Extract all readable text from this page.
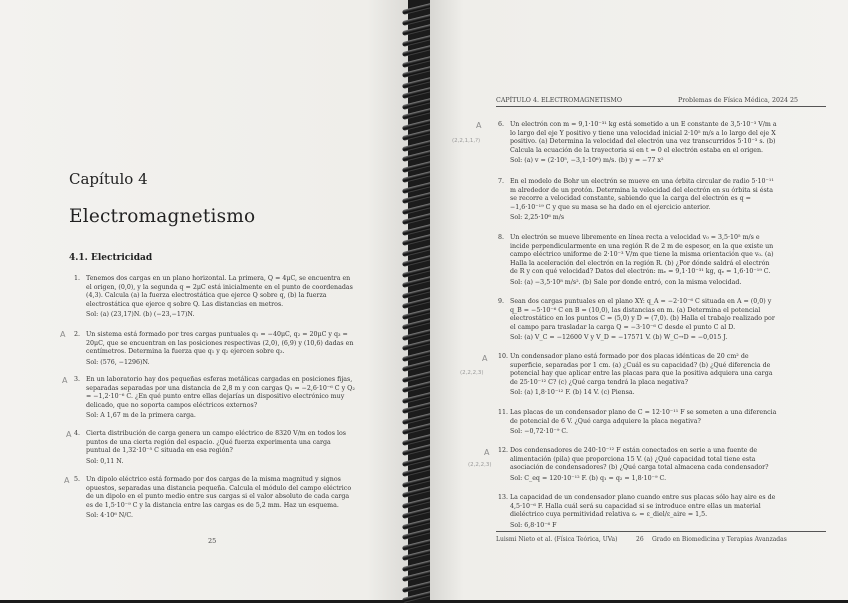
Capítulo 4
Electromagnetismo
4.1. Electricidad
1. Tenemos dos cargas en un plano horizontal. La primera, Q = 4μC, se encuentra en el origen, (0,0), y la segunda q = 2μC está inicialmente en el punto de coordenadas (4,3). Calcula (a) la fuerza electrostática que ejerce Q sobre q, (b) la fuerza electrostática que ejerce q sobre Q. Las distancias en metros.
Sol: (a) (23,17)N. (b) (−23,−17)N.
2. Un sistema está formado por tres cargas puntuales q₁ = −40μC, q₂ = 20μC y q₃ = 20μC, que se encuentran en las posiciones respectivas (2,0), (6,9) y (10,6) dadas en centímetros. Determina la fuerza que q₁ y q₂ ejercen sobre q₃.
Sol: (576, −1296)N.
3. En un laboratorio hay dos pequeñas esferas metálicas cargadas en posiciones fijas, separadas separadas por una distancia de 2,8 m y con cargas Q₁ = −2,6·10⁻⁶ C y Q₂ = −1,2·10⁻⁶ C. ¿En qué punto entre ellas dejarías un dispositivo electrónico muy delicado, que no soporta campos eléctricos externos?
Sol: A 1,67 m de la primera carga.
4. Cierta distribución de carga genera un campo eléctrico de 8320 V/m en todos los puntos de una cierta región del espacio. ¿Qué fuerza experimenta una carga puntual de 1,32·10⁻⁵ C situada en esa región?
Sol: 0,11 N.
5. Un dipolo eléctrico está formado por dos cargas de la misma magnitud y signos opuestos, separadas una distancia pequeña. Calcula el módulo del campo eléctrico de un dipolo en el punto medio entre sus cargas si el valor absoluto de cada carga es de 1,5·10⁻⁹ C y la distancia entre las cargas es de 5,2 mm. Haz un esquema.
Sol: 4·10⁶ N/C.
25
A
A
A
A
CAPÍTULO 4. ELECTROMAGNETISMO	Problemas de Física Médica, 2024 25
6. Un electrón con m = 9,1·10⁻³¹ kg está sometido a un E constante de 3,5·10⁻³ V/m a lo largo del eje Y positivo y tiene una velocidad inicial 2·10⁵ m/s a lo largo del eje X positivo. (a) Determina la velocidad del electrón una vez transcurridos 5·10⁻³ s. (b) Calcula la ecuación de la trayectoria si en t = 0 el electrón estaba en el origen.
Sol: (a) v = (2·10⁵, −3,1·10⁶) m/s. (b) y = −77 x²
7. En el modelo de Bohr un electrón se mueve en una órbita circular de radio 5·10⁻¹¹ m alrededor de un protón. Determina la velocidad del electrón en su órbita si ésta se recorre a velocidad constante, sabiendo que la carga del electrón es q = −1,6·10⁻¹⁹ C y que su masa se ha dado en el ejercicio anterior.
Sol: 2,25·10⁶ m/s
8. Un electrón se mueve libremente en línea recta a velocidad v₀ = 3,5·10⁵ m/s e incide perpendicularmente en una región R de 2 m de espesor, en la que existe un campo eléctrico uniforme de 2·10⁻³ V/m que tiene la misma orientación que v₀. (a) Halla la aceleración del electrón en la región R. (b) ¿Por dónde saldrá el electrón de R y con qué velocidad? Datos del electrón: mₑ = 9,1·10⁻³¹ kg, qₑ = 1,6·10⁻¹⁹ C.
Sol: (a) −3,5·10⁸ m/s². (b) Sale por donde entró, con la misma velocidad.
9. Sean dos cargas puntuales en el plano XY: q_A = −2·10⁻⁶ C situada en A = (0,0) y q_B = −5·10⁻⁶ C en B = (10,0), las distancias en m. (a) Determina el potencial electrostático en los puntos C = (5,0) y D = (7,0). (b) Halla el trabajo realizado por el campo para trasladar la carga Q = −3·10⁻⁶ C desde el punto C al D.
Sol: (a) V_C = −12600 V y V_D = −17571 V. (b) W_C→D = −0,015 J.
10. Un condensador plano está formado por dos placas idénticas de 20 cm² de superficie, separadas por 1 cm. (a) ¿Cuál es su capacidad? (b) ¿Qué diferencia de potencial hay que aplicar entre las placas para que la positiva adquiera una carga de 25·10⁻¹² C? (c) ¿Qué carga tendrá la placa negativa?
Sol: (a) 1,8·10⁻¹² F. (b) 14 V. (c) Piensa.
11. Las placas de un condensador plano de C = 12·10⁻¹¹ F se someten a una diferencia de potencial de 6 V. ¿Qué carga adquiere la placa negativa?
Sol: −0,72·10⁻⁹ C.
12. Dos condensadores de 240·10⁻¹² F están conectados en serie a una fuente de alimentación (pila) que proporciona 15 V. (a) ¿Qué capacidad total tiene esta asociación de condensadores? (b) ¿Qué carga total almacena cada condensador?
Sol: C_eq = 120·10⁻¹² F. (b) q₁ = q₂ = 1,8·10⁻⁹ C.
13. La capacidad de un condensador plano cuando entre sus placas sólo hay aire es de 4,5·10⁻⁶ F. Halla cuál será su capacidad si se introduce entre ellas un material dieléctrico cuya permitividad relativa εᵣ = ε_diel/ε_aire = 1,5.
Sol: 6,8·10⁻⁶ F
Luismi Nieto et al. (Física Teórica, UVa)	26 Grado en Biomedicina y Terapias Avanzadas
A
(2,2,1,1,?)
A
(2,2,2,3)
A
(2,2,2,3)
